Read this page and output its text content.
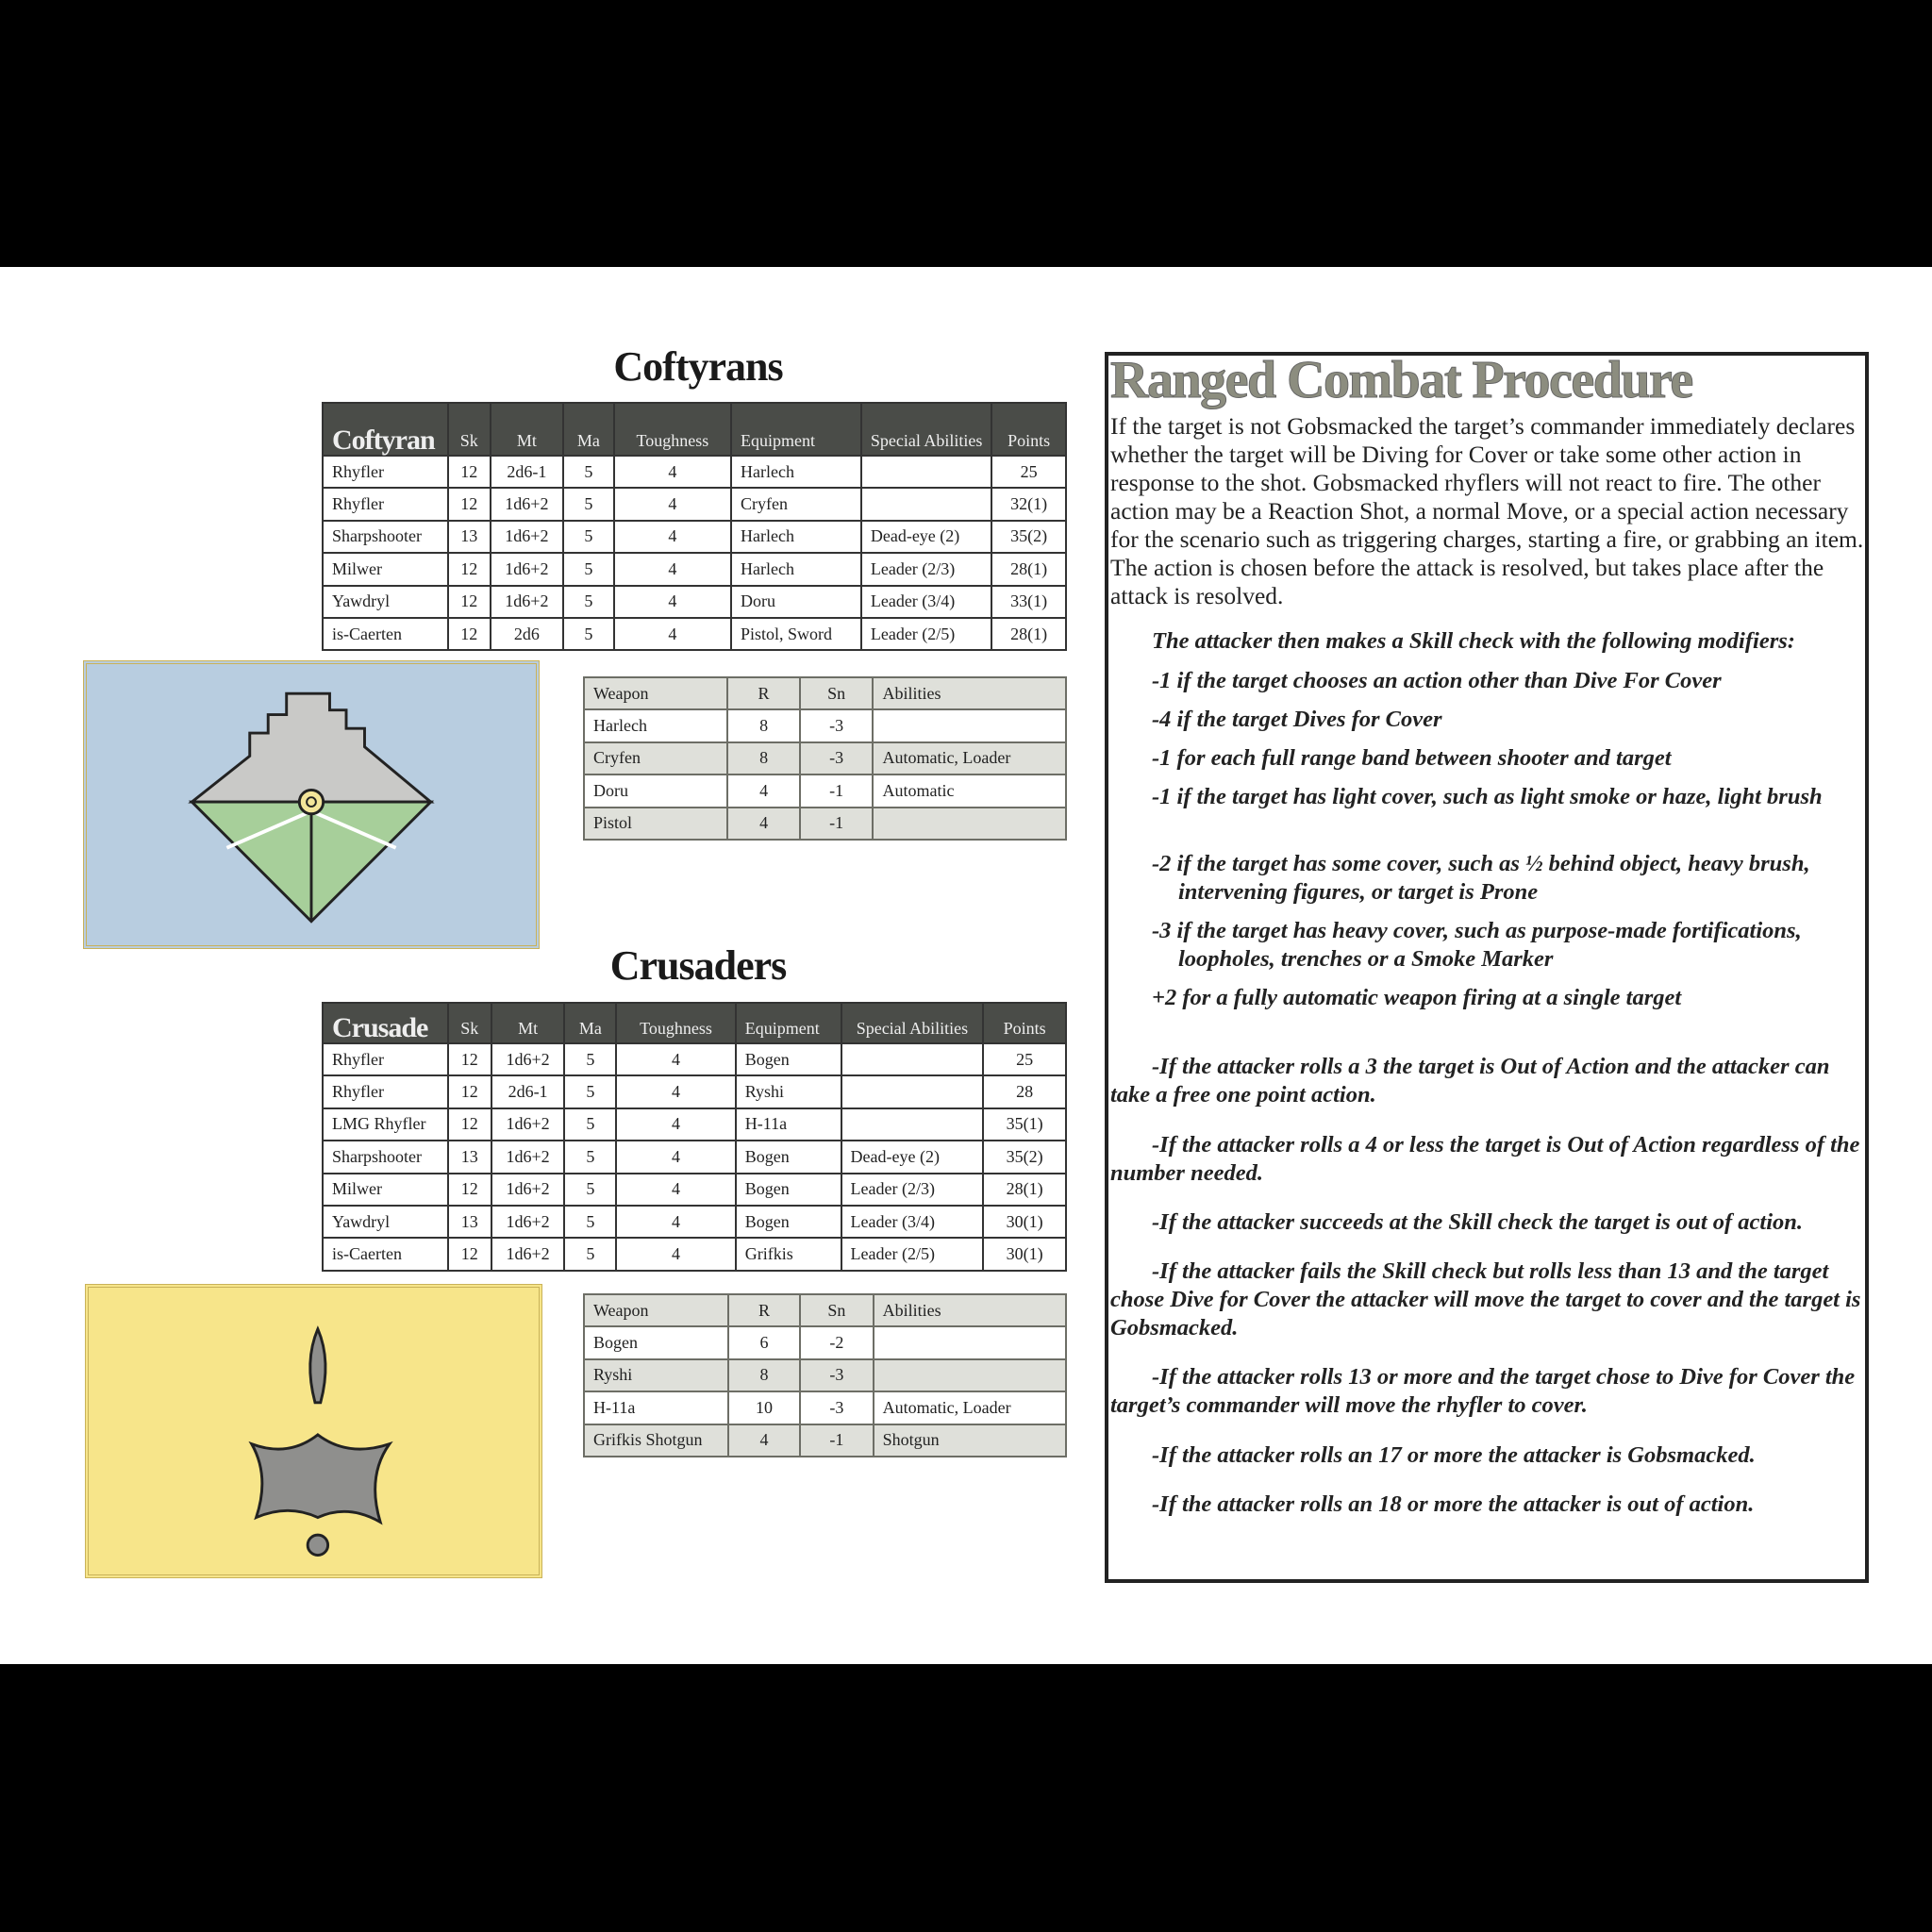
Coftyrans
Coftyran	Sk	Mt	Ma	Toughness	Equipment	Special Abilities	Points
Rhyfler	12	2d6-1	5	4	Harlech		25
Rhyfler	12	1d6+2	5	4	Cryfen		32(1)
Sharpshooter	13	1d6+2	5	4	Harlech	Dead-eye (2)	35(2)
Milwer	12	1d6+2	5	4	Harlech	Leader (2/3)	28(1)
Yawdryl	12	1d6+2	5	4	Doru	Leader (3/4)	33(1)
is-Caerten	12	2d6	5	4	Pistol, Sword	Leader (2/5)	28(1)
Weapon	R	Sn	Abilities
Harlech	8	-3	
Cryfen	8	-3	Automatic, Loader
Doru	4	-1	Automatic
Pistol	4	-1	
Crusaders
Crusade	Sk	Mt	Ma	Toughness	Equipment	Special Abilities	Points
Rhyfler	12	1d6+2	5	4	Bogen		25
Rhyfler	12	2d6-1	5	4	Ryshi		28
LMG Rhyfler	12	1d6+2	5	4	H-11a		35(1)
Sharpshooter	13	1d6+2	5	4	Bogen	Dead-eye (2)	35(2)
Milwer	12	1d6+2	5	4	Bogen	Leader (2/3)	28(1)
Yawdryl	13	1d6+2	5	4	Bogen	Leader (3/4)	30(1)
is-Caerten	12	1d6+2	5	4	Grifkis	Leader (2/5)	30(1)
Weapon	R	Sn	Abilities
Bogen	6	-2	
Ryshi	8	-3	
H-11a	10	-3	Automatic, Loader
Grifkis Shotgun	4	-1	Shotgun
Ranged Combat Procedure
If the target is not Gobsmacked the target’s commander immediately declares whether the target will be Diving for Cover or take some other action in response to the shot. Gobsmacked rhyflers will not react to fire. The other action may be a Reaction Shot, a normal Move, or a special action necessary for the scenario such as triggering charges, starting a fire, or grabbing an item. The action is chosen before the attack is resolved, but takes place after the attack is resolved.
The attacker then makes a Skill check with the following modifiers:
-1 if the target chooses an action other than Dive For Cover
-4 if the target Dives for Cover
-1 for each full range band between shooter and target
-1 if the target has light cover, such as light smoke or haze, light brush
-2 if the target has some cover, such as ½ behind object, heavy brush, intervening figures, or target is Prone
-3 if the target has heavy cover, such as purpose-made fortifications, loopholes, trenches or a Smoke Marker
+2 for a fully automatic weapon firing at a single target
-If the attacker rolls a 3 the target is Out of Action and the attacker can take a free one point action.
-If the attacker rolls a 4 or less the target is Out of Action regardless of the number needed.
-If the attacker succeeds at the Skill check the target is out of action.
-If the attacker fails the Skill check but rolls less than 13 and the target chose Dive for Cover the attacker will move the target to cover and the target is Gobsmacked.
-If the attacker rolls 13 or more and the target chose to Dive for Cover the target’s commander will move the rhyfler to cover.
-If the attacker rolls an 17 or more the attacker is Gobsmacked.
-If the attacker rolls an 18 or more the attacker is out of action.
